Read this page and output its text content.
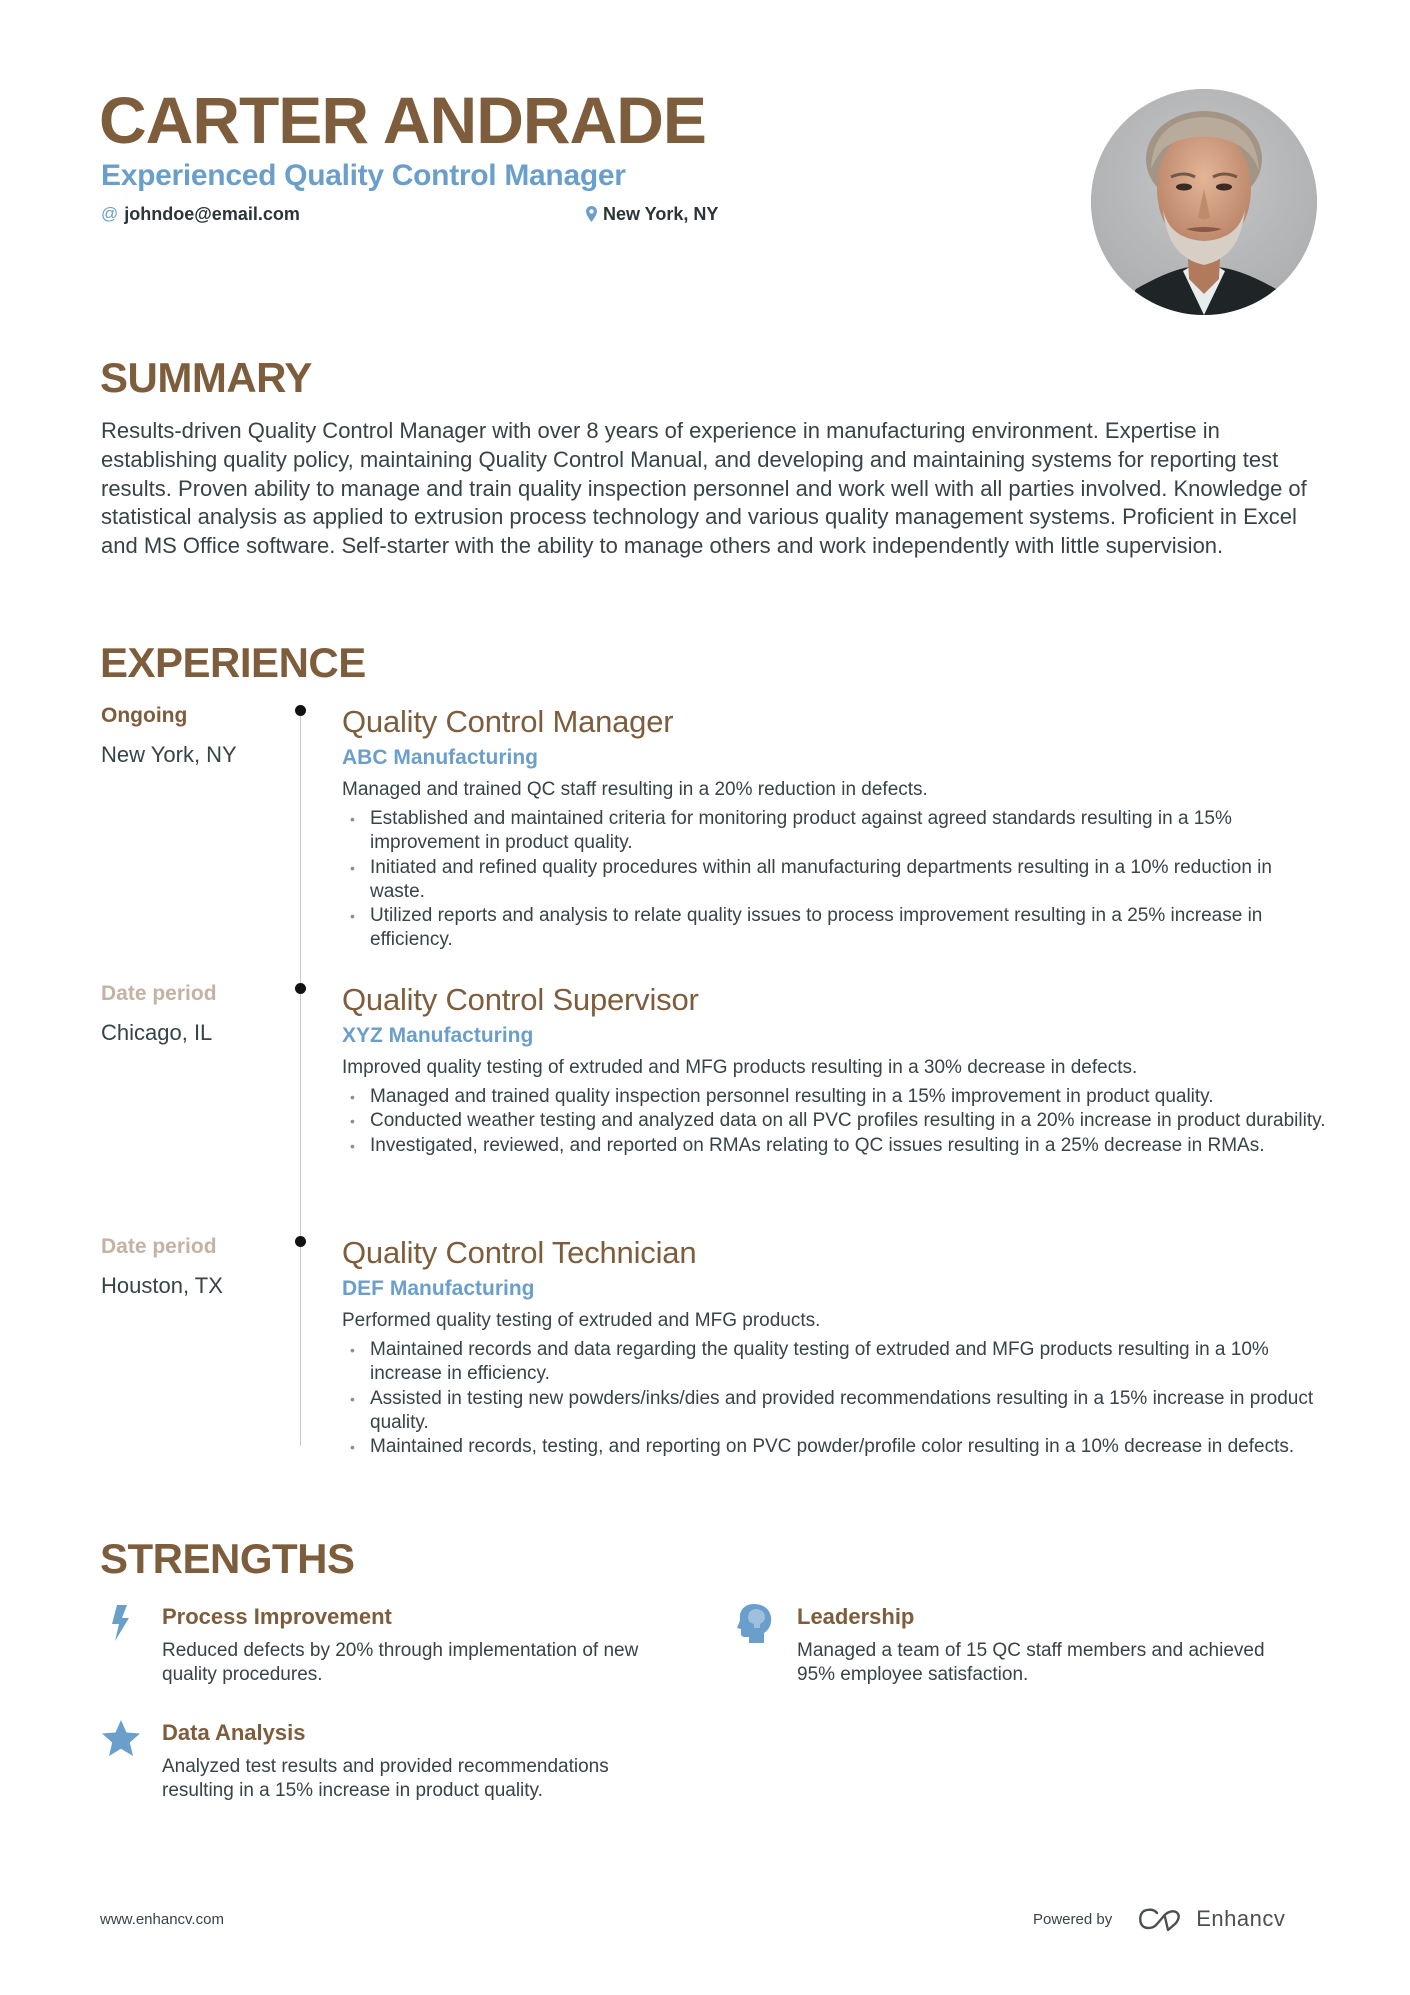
CARTER ANDRADE
Experienced Quality Control Manager
@ johndoe@email.com	New York, NY
SUMMARY
Results-driven Quality Control Manager with over 8 years of experience in manufacturing environment. Expertise in establishing quality policy, maintaining Quality Control Manual, and developing and maintaining systems for reporting test results. Proven ability to manage and train quality inspection personnel and work well with all parties involved. Knowledge of statistical analysis as applied to extrusion process technology and various quality management systems. Proficient in Excel and MS Office software. Self-starter with the ability to manage others and work independently with little supervision.
EXPERIENCE
Ongoing
New York, NY
Quality Control Manager
ABC Manufacturing
Managed and trained QC staff resulting in a 20% reduction in defects.
• Established and maintained criteria for monitoring product against agreed standards resulting in a 15% improvement in product quality.
• Initiated and refined quality procedures within all manufacturing departments resulting in a 10% reduction in waste.
• Utilized reports and analysis to relate quality issues to process improvement resulting in a 25% increase in efficiency.
Date period
Chicago, IL
Quality Control Supervisor
XYZ Manufacturing
Improved quality testing of extruded and MFG products resulting in a 30% decrease in defects.
• Managed and trained quality inspection personnel resulting in a 15% improvement in product quality.
• Conducted weather testing and analyzed data on all PVC profiles resulting in a 20% increase in product durability.
• Investigated, reviewed, and reported on RMAs relating to QC issues resulting in a 25% decrease in RMAs.
Date period
Houston, TX
Quality Control Technician
DEF Manufacturing
Performed quality testing of extruded and MFG products.
• Maintained records and data regarding the quality testing of extruded and MFG products resulting in a 10% increase in efficiency.
• Assisted in testing new powders/inks/dies and provided recommendations resulting in a 15% increase in product quality.
• Maintained records, testing, and reporting on PVC powder/profile color resulting in a 10% decrease in defects.
STRENGTHS
Process Improvement
Reduced defects by 20% through implementation of new quality procedures.
Leadership
Managed a team of 15 QC staff members and achieved 95% employee satisfaction.
Data Analysis
Analyzed test results and provided recommendations resulting in a 15% increase in product quality.
www.enhancv.com	Powered by	Enhancv
